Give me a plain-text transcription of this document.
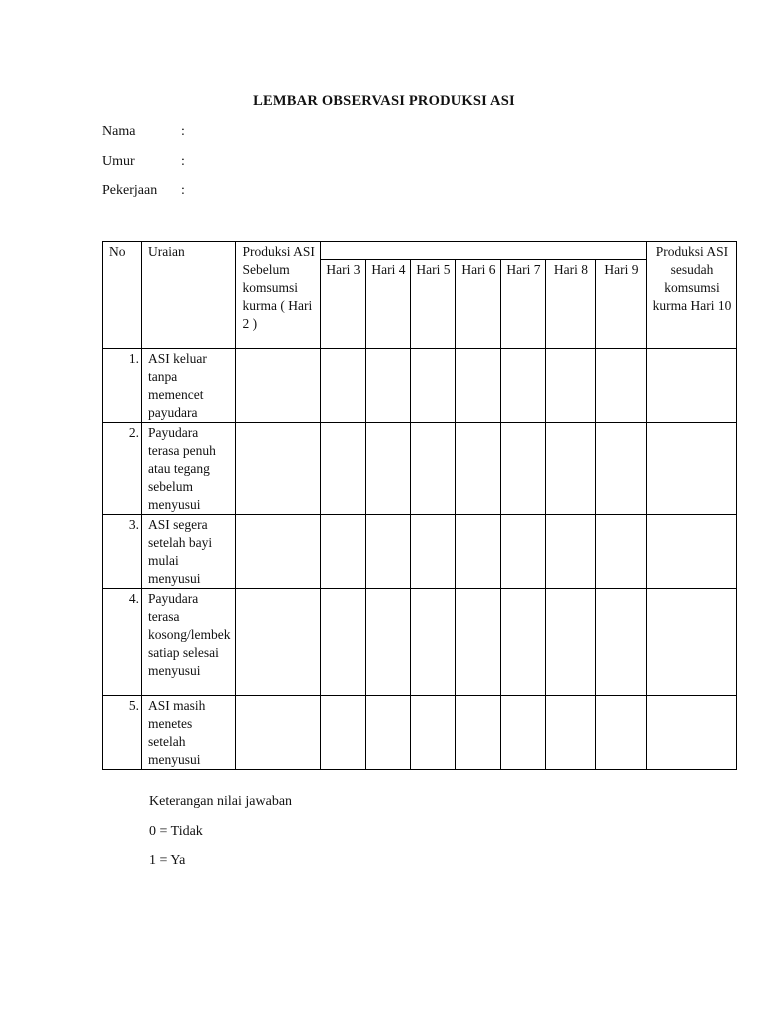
LEMBAR OBSERVASI PRODUKSI ASI
Nama	:
Umur	:
Pekerjaan :
No	Uraian	Produksi ASI Sebelum komsumsi kurma ( Hari 2 )								Produksi ASI sesudah komsumsi kurma Hari 10
			Hari 3	Hari 4	Hari 5	Hari 6	Hari 7	Hari 8	Hari 9	
1.	ASI keluar tanpa memencet payudara									
2.	Payudara terasa penuh atau tegang sebelum menyusui									
3.	ASI segera setelah bayi mulai menyusui									
4.	Payudara terasa kosong/lembek satiap selesai menyusui									
5.	ASI masih menetes setelah menyusui									
Keterangan nilai jawaban
0 = Tidak
1 = Ya
